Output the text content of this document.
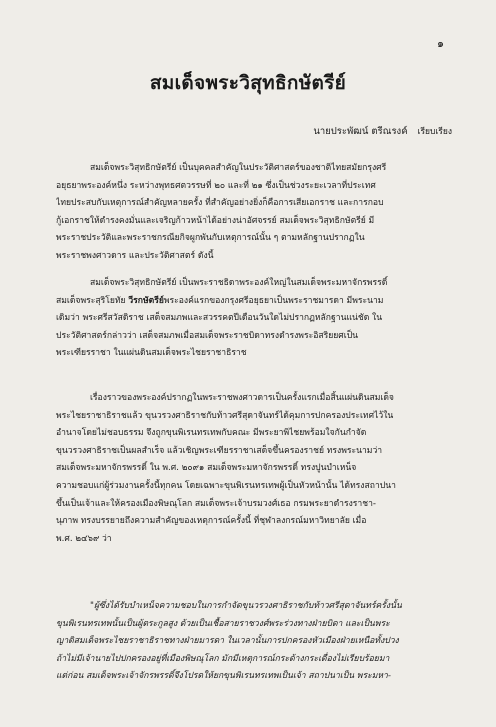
๑
สมเด็จพระวิสุทธิกษัตรีย์
นายประพัฒน์ ตรีณรงค์ เรียบเรียง
สมเด็จพระวิสุทธิกษัตรีย์ เป็นบุคคลสำคัญในประวัติศาสตร์ของชาติไทยสมัยกรุงศรี
อยุธยาพระองค์หนึ่ง ระหว่างพุทธศตวรรษที่ ๒๐ และที่ ๒๑ ซึ่งเป็นช่วงระยะเวลาที่ประเทศ
ไทยประสบกับเหตุการณ์สำคัญหลายครั้ง ที่สำคัญอย่างยิ่งก็คือการเสียเอกราช และการกอบ
กู้เอกราชให้ดำรงคงมั่นและเจริญก้าวหน้าได้อย่างน่าอัศจรรย์ สมเด็จพระวิสุทธิกษัตรีย์ มี
พระราชประวัติและพระราชกรณียกิจผูกพันกับเหตุการณ์นั้น ๆ ตามหลักฐานปรากฏใน
พระราชพงศาวดาร และประวัติศาสตร์ ดังนี้
สมเด็จพระวิสุทธิกษัตรีย์ เป็นพระราชธิดาพระองค์ใหญ่ในสมเด็จพระมหาจักรพรรดิ์
สมเด็จพระสุริโยทัย วีรกษัตรีย์พระองค์แรกของกรุงศรีอยุธยาเป็นพระราชมารดา มีพระนาม
เดิมว่า พระศรีสวัสดิราช เสด็จสมภพและสวรรคตปีเดือนวันใดไม่ปรากฏหลักฐานแน่ชัด ใน
ประวัติศาสตร์กล่าวว่า เสด็จสมภพเมื่อสมเด็จพระราชบิดาทรงดำรงพระอิสริยยศเป็น
พระเฑียรราชา ในแผ่นดินสมเด็จพระไชยราชาธิราช
เรื่องราวของพระองค์ปรากฏในพระราชพงศาวดารเป็นครั้งแรกเมื่อสิ้นแผ่นดินสมเด็จ
พระไชยราชาธิราชแล้ว ขุนวรวงศาธิราชกับท้าวศรีสุดาจันทร์ได้คุมการปกครองประเทศไว้ใน
อำนาจโดยไม่ชอบธรรม จึงถูกขุนพิเรนทรเทพกับคณะ มีพระยาพิไชยพร้อมใจกันกำจัด
ขุนวรวงศาธิราชเป็นผลสำเร็จ แล้วเชิญพระเฑียรราชาเสด็จขึ้นครองราชย์ ทรงพระนามว่า
สมเด็จพระมหาจักรพรรดิ์ ใน พ.ศ. ๒๐๙๑ สมเด็จพระมหาจักรพรรดิ์ ทรงปูนบำเหน็จ
ความชอบแก่ผู้ร่วมงานครั้งนี้ทุกคน โดยเฉพาะขุนพิเรนทรเทพผู้เป็นหัวหน้านั้น ได้ทรงสถาปนา
ขึ้นเป็นเจ้าและให้ครองเมืองพิษณุโลก สมเด็จพระเจ้าบรมวงศ์เธอ กรมพระยาดำรงราชา-
นุภาพ ทรงบรรยายถึงความสำคัญของเหตุการณ์ครั้งนี้ ที่ชุฬาลงกรณ์มหาวิทยาลัย เมื่อ
พ.ศ. ๒๔๖๙ ว่า
"ผู้ซึ่งได้รับบำเหน็จความชอบในการกำจัดขุนวรวงศาธิราชกับท้าวศรีสุดาจันทร์ครั้งนั้น
ขุนพิเรนทรเทพนั้นเป็นผู้ตระกูลสูง ด้วยเป็นเชื้อสายราชวงศ์พระร่วงทางฝ่ายบิดา และเป็นพระ
ญาติสมเด็จพระไชยราชาธิราชทางฝ่ายมารดา ในเวลานั้นการปกครองหัวเมืองฝ่ายเหนือทั้งปวง
ถ้าไม่มีเจ้านายไปปกครองอยู่ที่เมืองพิษณุโลก มักมีเหตุการณ์กระด้างกระเดื่องไม่เรียบร้อยมา
แต่ก่อน สมเด็จพระเจ้าจักรพรรดิ์จึงโปรดให้ยกขุนพิเรนทรเทพเป็นเจ้า สถาปนาเป็น พระมหา-
